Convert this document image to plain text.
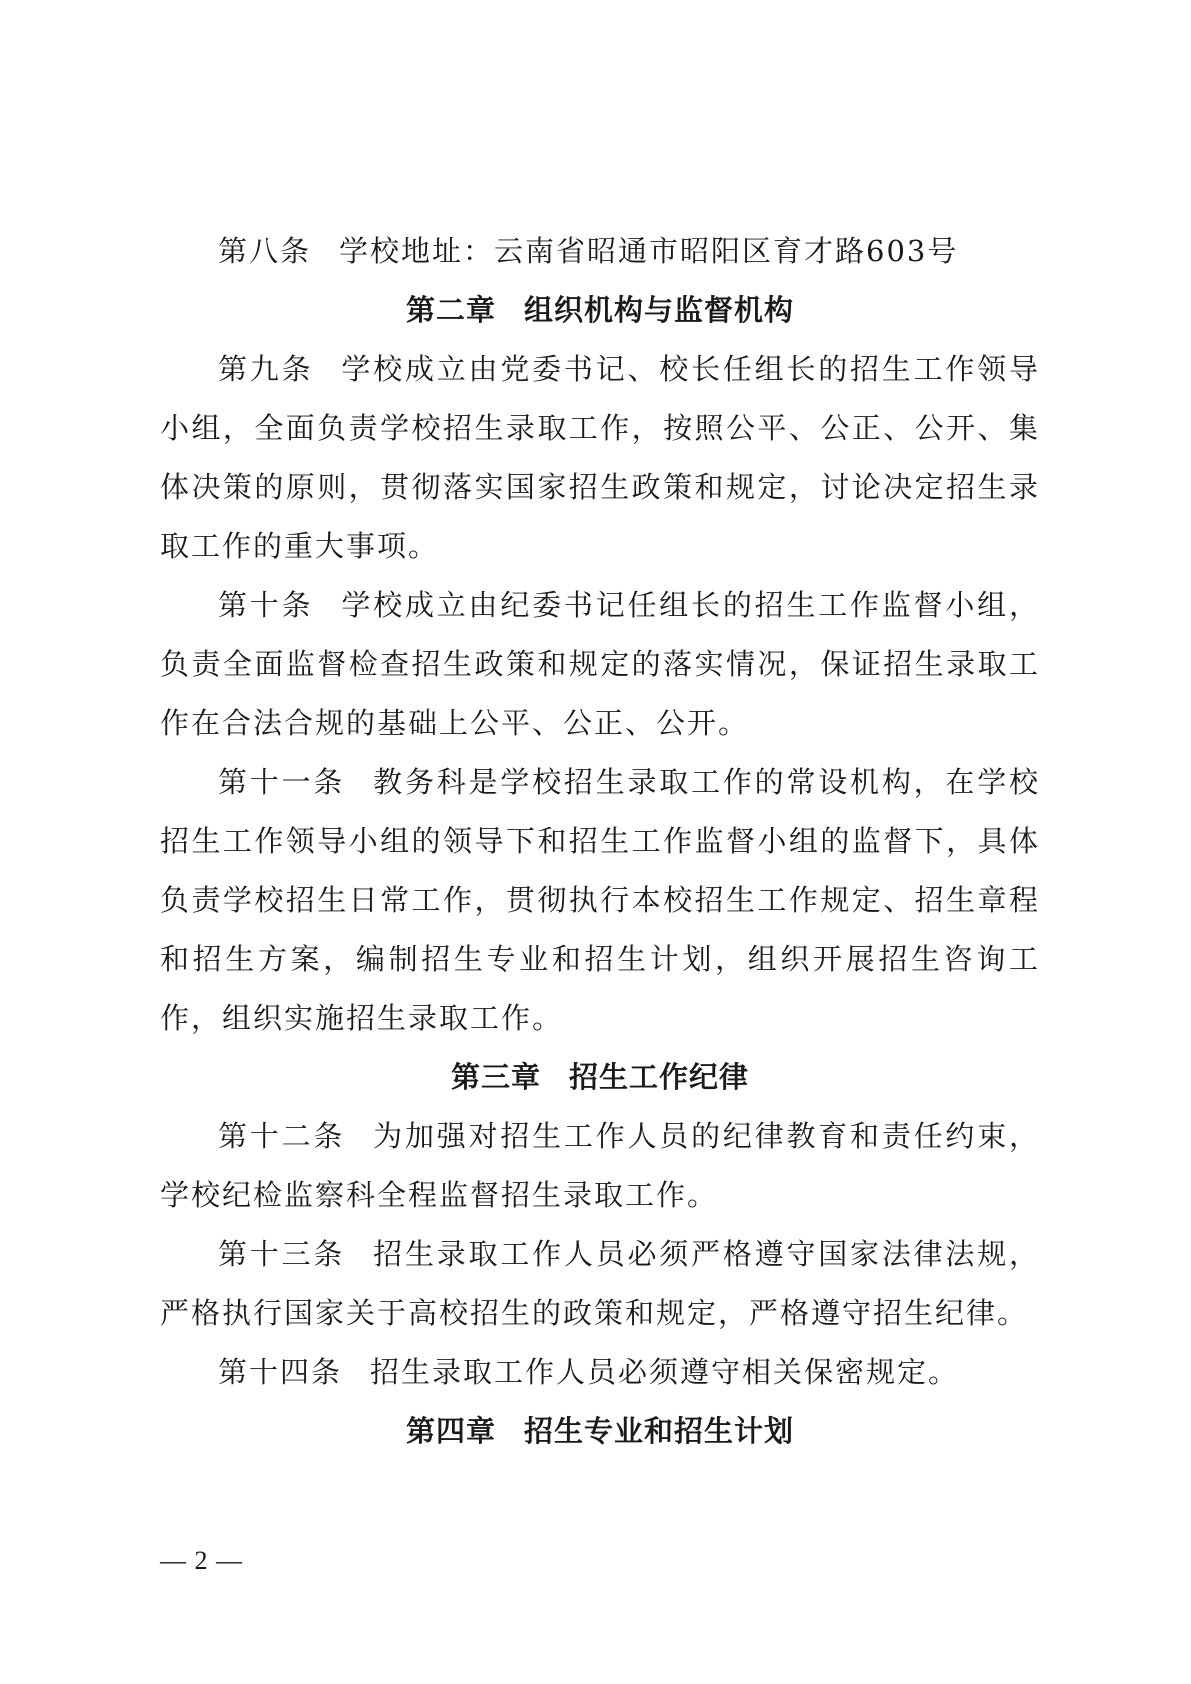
第八条 学校地址：云南省昭通市昭阳区育才路603号

第二章 组织机构与监督机构

第九条 学校成立由党委书记、校长任组长的招生工作领导小组，全面负责学校招生录取工作，按照公平、公正、公开、集体决策的原则，贯彻落实国家招生政策和规定，讨论决定招生录取工作的重大事项。

第十条 学校成立由纪委书记任组长的招生工作监督小组，负责全面监督检查招生政策和规定的落实情况，保证招生录取工作在合法合规的基础上公平、公正、公开。

第十一条 教务科是学校招生录取工作的常设机构，在学校招生工作领导小组的领导下和招生工作监督小组的监督下，具体负责学校招生日常工作，贯彻执行本校招生工作规定、招生章程和招生方案，编制招生专业和招生计划，组织开展招生咨询工作，组织实施招生录取工作。

第三章 招生工作纪律

第十二条 为加强对招生工作人员的纪律教育和责任约束，学校纪检监察科全程监督招生录取工作。

第十三条 招生录取工作人员必须严格遵守国家法律法规，严格执行国家关于高校招生的政策和规定，严格遵守招生纪律。

第十四条 招生录取工作人员必须遵守相关保密规定。

第四章 招生专业和招生计划

— 2 —
